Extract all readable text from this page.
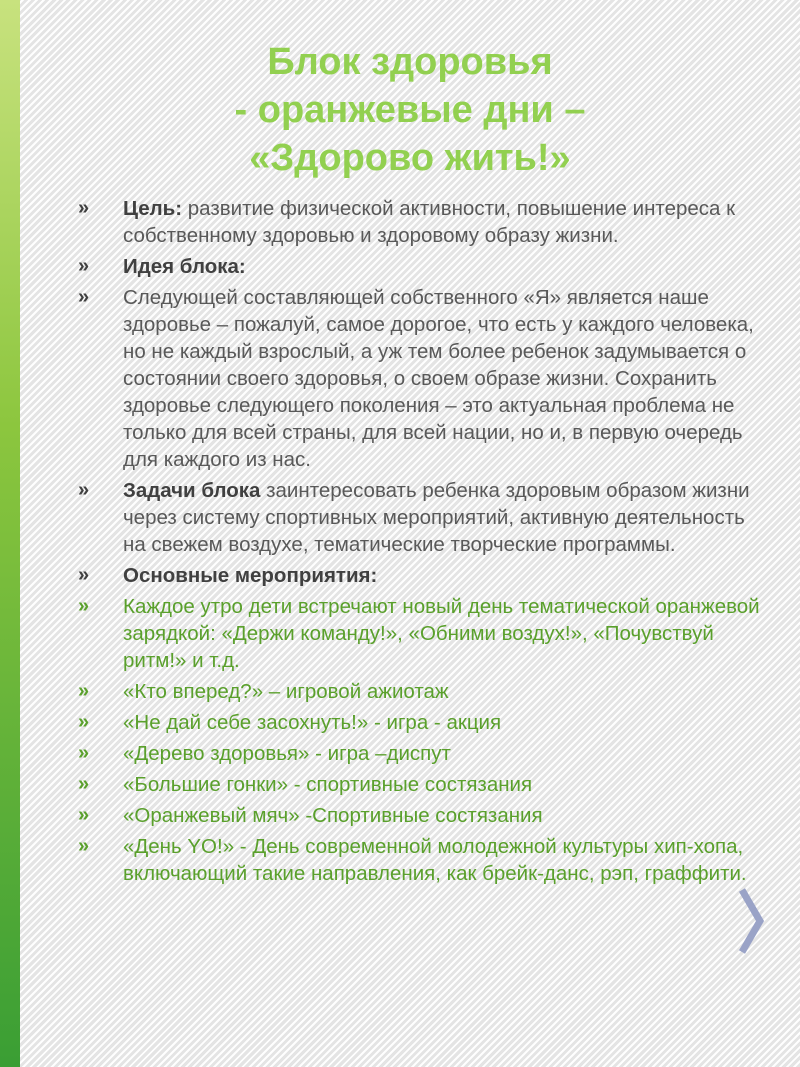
Блок здоровья
- оранжевые дни –
«Здорово жить!»
» Цель: развитие физической активности, повышение интереса к собственному здоровью и здоровому образу жизни.
» Идея блока:
» Следующей составляющей собственного «Я» является наше здоровье – пожалуй, самое дорогое, что есть у каждого человека, но не каждый взрослый, а уж тем более ребенок задумывается о состоянии своего здоровья, о своем образе жизни. Сохранить здоровье следующего поколения – это актуальная проблема не только для всей страны, для всей нации, но и, в первую очередь для каждого из нас.
» Задачи блока заинтересовать ребенка здоровым образом жизни через систему спортивных мероприятий, активную деятельность на свежем воздухе, тематические творческие программы.
» Основные мероприятия:
» Каждое утро дети встречают новый день тематической оранжевой зарядкой: «Держи команду!», «Обними воздух!», «Почувствуй ритм!» и т.д.
» «Кто вперед?» – игровой ажиотаж
» «Не дай себе засохнуть!» - игра - акция
» «Дерево здоровья» - игра –диспут
» «Большие гонки» - спортивные состязания
» «Оранжевый мяч» -Спортивные состязания
» «День YO!» - День современной молодежной культуры хип-хопа, включающий такие направления, как брейк-данс, рэп, граффити.
